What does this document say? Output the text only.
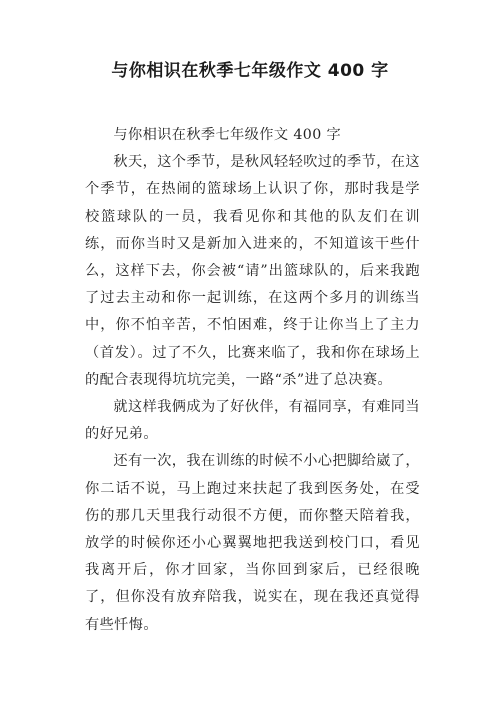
与你相识在秋季七年级作文 400 字

与你相识在秋季七年级作文 400 字

秋天，这个季节，是秋风轻轻吹过的季节，在这个季节，在热闹的篮球场上认识了你，那时我是学校篮球队的一员，我看见你和其他的队友们在训练，而你当时又是新加入进来的，不知道该干些什么，这样下去，你会被“请”出篮球队的，后来我跑了过去主动和你一起训练，在这两个多月的训练当中，你不怕辛苦，不怕困难，终于让你当上了主力（首发）。过了不久，比赛来临了，我和你在球场上的配合表现得坑坑完美，一路“杀”进了总决赛。

就这样我俩成为了好伙伴，有福同享，有难同当的好兄弟。

还有一次，我在训练的时候不小心把脚给崴了，你二话不说，马上跑过来扶起了我到医务处，在受伤的那几天里我行动很不方便，而你整天陪着我，放学的时候你还小心翼翼地把我送到校门口，看见我离开后，你才回家，当你回到家后，已经很晚了，但你没有放弃陪我，说实在，现在我还真觉得有些忏悔。
